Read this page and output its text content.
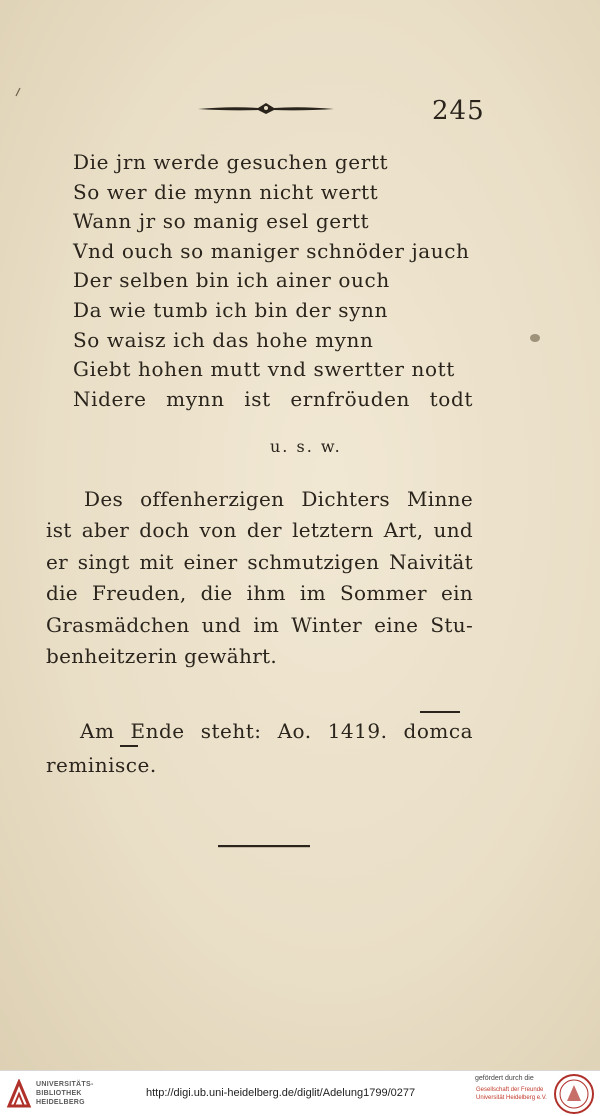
245
Die jrn werde gesuchen gertt
So wer die mynn nicht wertt
Wann jr so manig esel gertt
Vnd ouch so maniger schnöder jauch
Der selben bin ich ainer ouch
Da wie tumb ich bin der synn
So waisz ich das hohe mynn
Giebt hohen mutt vnd swertter nott
Nidere mynn ist ernfröuden todt
u. s. w.
Des offenherzigen Dichters Minne
ist aber doch von der letztern Art, und
er singt mit einer schmutzigen Naivität
die Freuden, die ihm im Sommer ein
Grasmädchen und im Winter eine Stu-
benheitzerin gewährt.
Am Ende steht: Ao. 1419. domca
reminisce.
UNIVERSITÄTS-
BIBLIOTHEK
HEIDELBERG
http://digi.ub.uni-heidelberg.de/diglit/Adelung1799/0277
gefördert durch die
Gesellschaft der Freunde
Universität Heidelberg e.V.
